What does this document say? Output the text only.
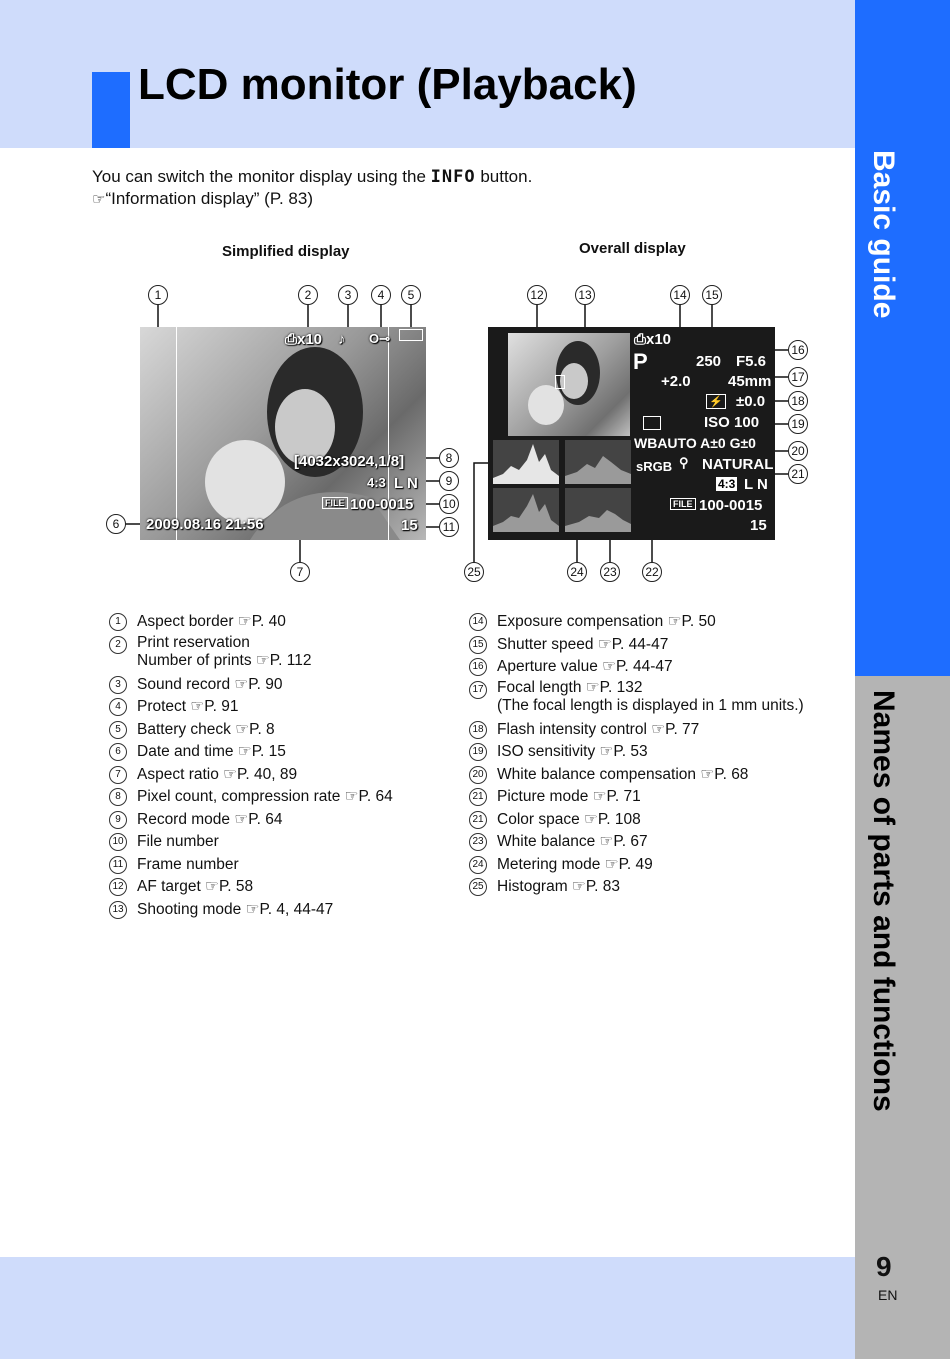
LCD monitor (Playback)
Basic guide
Names of parts and functions
9
EN
You can switch the monitor display using the INFO button.
☞“Information display” (P. 83)
Simplified display	Overall display
⎙x10 ♪ O⊸
[4032x3024,1/8]
4:3 L N
FILE 100-0015
15
2009.08.16 21:56
⎙x10
P	250 F5.6
+2.0 45mm
⚡ ±0.0
ISO 100
WBAUTO A±0 G±0
sRGB ⚲ NATURAL
4:3 L N
FILE 100-0015
15
1	2	3	4	5
6
7
8
9
10
11
12	13	14 15
16
17
18
19
20
21
22
23
24
25
1	Aspect border ☞P. 40
2	Print reservation
Number of prints ☞P. 112
3	Sound record ☞P. 90
4	Protect ☞P. 91
5	Battery check ☞P. 8
6	Date and time ☞P. 15
7	Aspect ratio ☞P. 40, 89
8	Pixel count, compression rate ☞P. 64
9	Record mode ☞P. 64
10 File number
11 Frame number
12 AF target ☞P. 58
13 Shooting mode ☞P. 4, 44-47
14 Exposure compensation ☞P. 50
15 Shutter speed ☞P. 44-47
16 Aperture value ☞P. 44-47
17 Focal length ☞P. 132
(The focal length is displayed in 1 mm units.)
18 Flash intensity control ☞P. 77
19 ISO sensitivity ☞P. 53
20 White balance compensation ☞P. 68
21 Picture mode ☞P. 71
21 Color space ☞P. 108
23 White balance ☞P. 67
24 Metering mode ☞P. 49
25 Histogram ☞P. 83
